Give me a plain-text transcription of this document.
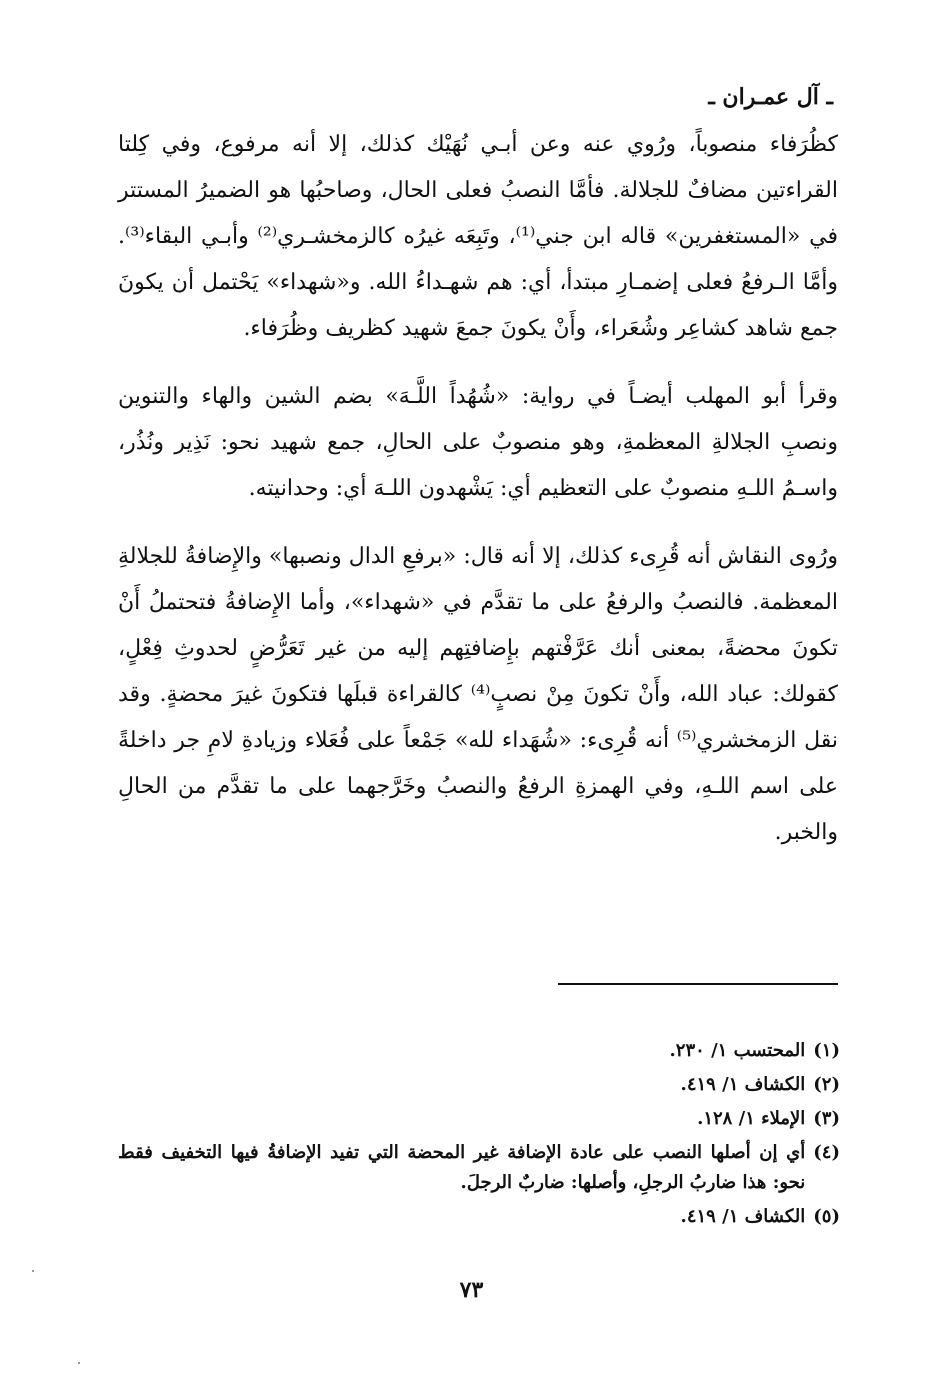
ـ آل عمـران ـ

كظُرَفاء منصوباً، ورُوي عنه وعن أبـي نُهَيْك كذلك، إلا أنه مرفوع، وفي كِلتا القراءتين مضافٌ للجلالة. فأمَّا النصبُ فعلى الحال، وصاحبُها هو الضميرُ المستتر في «المستغفرين» قاله ابن جني⁽¹⁾، وتَبِعَه غيرُه كالزمخشـري⁽²⁾ وأبـي البقاء⁽³⁾. وأمَّا الـرفعُ فعلى إضمـارِ مبتدأ، أي: هم شهـداءُ الله. و«شهداء» يَحْتمل أن يكونَ جمع شاهد كشاعِر وشُعَراء، وأَنْ يكونَ جمعَ شهيد كظريف وظُرَفاء.

وقرأ أبو المهلب أيضـاً في رواية: «شُهُداً اللَّـهَ» بضم الشين والهاء والتنوين ونصبِ الجلالةِ المعظمةِ، وهو منصوبٌ على الحالِ، جمع شهيد نحو: نَذِير ونُذُر، واسـمُ اللـهِ منصوبٌ على التعظيم أي: يَشْهدون اللـهَ أي: وحدانيته.

ورُوى النقاش أنه قُرِىء كذلك، إلا أنه قال: «برفعِ الدال ونصبها» والإِضافةُ للجلالةِ المعظمة. فالنصبُ والرفعُ على ما تقدَّم في «شهداء»، وأما الإِضافةُ فتحتملُ أَنْ تكونَ محضةً، بمعنى أنك عَرَّفْتهم بإِضافتِهم إليه من غير تَعَرُّضٍ لحدوثِ فِعْلٍ، كقولك: عباد الله، وأَنْ تكونَ مِنْ نصبٍ⁽⁴⁾ كالقراءة قبلَها فتكونَ غيرَ محضةٍ. وقد نقل الزمخشري⁽⁵⁾ أنه قُرِىء: «شُهَداء لله» جَمْعاً على فُعَلاء وزيادةِ لامِ جر داخلةً على اسم اللـهِ، وفي الهمزةِ الرفعُ والنصبُ وخَرَّجهما على ما تقدَّم من الحالِ والخبر.

(١)
المحتسب ١/ ٢٣٠.
(٢)
الكشاف ١/ ٤١٩.
(٣)
الإملاء ١/ ١٢٨.
(٤)
أي إن أصلها النصب على عادة الإضافة غير المحضة التي تفيد الإضافةُ فيها التخفيف فقط نحو: هذا ضاربُ الرجلِ، وأصلها: ضاربٌ الرجلَ.
(٥)
الكشاف ١/ ٤١٩.
٧٣
